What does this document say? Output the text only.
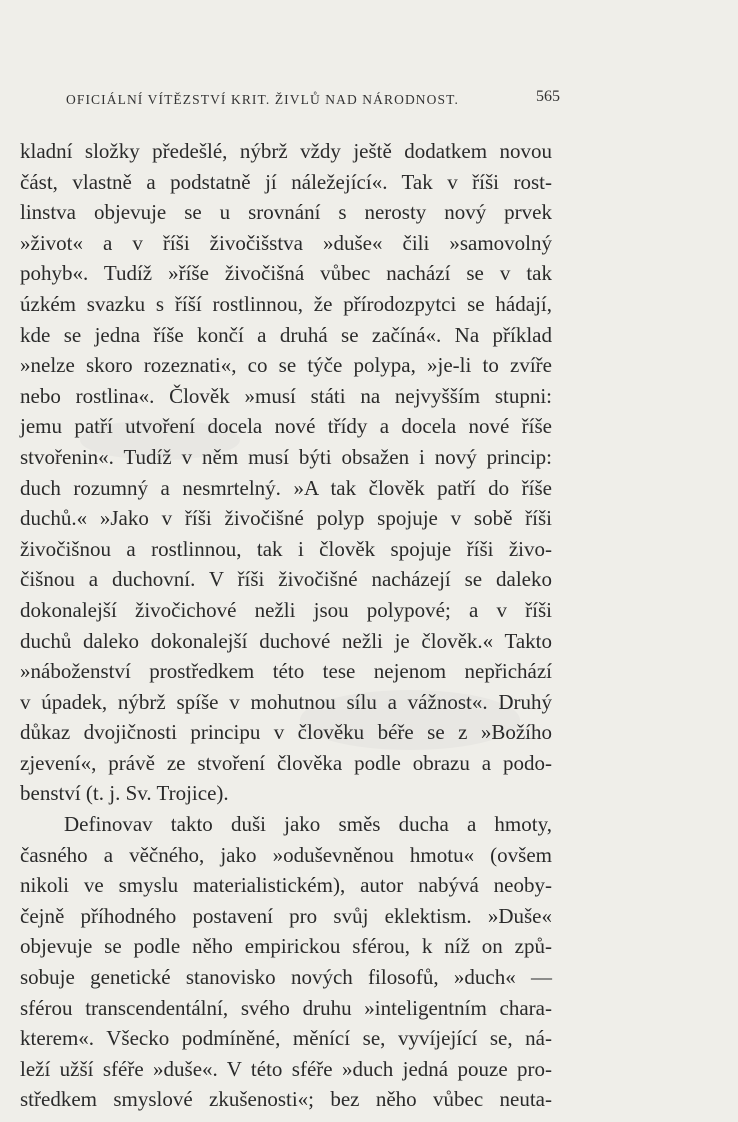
OFICIÁLNÍ VÍTĚZSTVÍ KRIT. ŽIVLŮ NAD NÁRODNOST.	565
kladní složky předešlé, nýbrž vždy ještě dodatkem novou
část, vlastně a podstatně jí náležející«. Tak v říši rost-
linstva objevuje se u srovnání s nerosty nový prvek
»život« a v říši živočišstva »duše« čili »samovolný
pohyb«. Tudíž »říše živočišná vůbec nachází se v tak
úzkém svazku s říší rostlinnou, že přírodozpytci se hádají,
kde se jedna říše končí a druhá se začíná«. Na příklad
»nelze skoro rozeznati«, co se týče polypa, »je-li to zvíře
nebo rostlina«. Člověk »musí státi na nejvyšším stupni:
jemu patří utvoření docela nové třídy a docela nové říše
stvořenin«. Tudíž v něm musí býti obsažen i nový princip:
duch rozumný a nesmrtelný. »A tak člověk patří do říše
duchů.« »Jako v říši živočišné polyp spojuje v sobě říši
živočišnou a rostlinnou, tak i člověk spojuje říši živo-
čišnou a duchovní. V říši živočišné nacházejí se daleko
dokonalejší živočichové nežli jsou polypové; a v říši
duchů daleko dokonalejší duchové nežli je člověk.« Takto
»náboženství prostředkem této tese nejenom nepřichází
v úpadek, nýbrž spíše v mohutnou sílu a vážnost«. Druhý
důkaz dvojičnosti principu v člověku béře se z »Božího
zjevení«, právě ze stvoření člověka podle obrazu a podo-
benství (t. j. Sv. Trojice).
Definovav takto duši jako směs ducha a hmoty,
časného a věčného, jako »oduševněnou hmotu« (ovšem
nikoli ve smyslu materialistickém), autor nabývá neoby-
čejně příhodného postavení pro svůj eklektism. »Duše«
objevuje se podle něho empirickou sférou, k níž on způ-
sobuje genetické stanovisko nových filosofů, »duch« —
sférou transcendentální, svého druhu »inteligentním chara-
kterem«. Všecko podmíněné, měnící se, vyvíjející se, ná-
leží užší sféře »duše«. V této sféře »duch jedná pouze pro-
středkem smyslové zkušenosti«; bez něho vůbec neuta-
